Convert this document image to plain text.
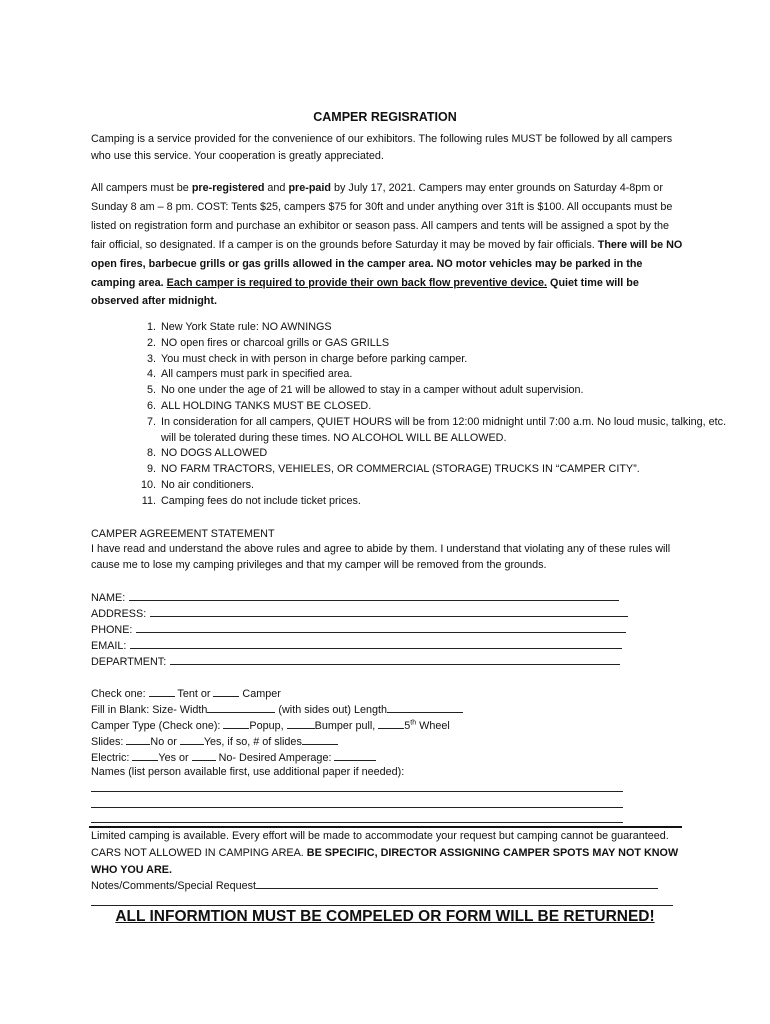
CAMPER REGISRATION
Camping is a service provided for the convenience of our exhibitors. The following rules MUST be followed by all campers who use this service. Your cooperation is greatly appreciated.
All campers must be pre-registered and pre-paid by July 17, 2021. Campers may enter grounds on Saturday 4-8pm or Sunday 8 am – 8 pm. COST: Tents $25, campers $75 for 30ft and under anything over 31ft is $100. All occupants must be listed on registration form and purchase an exhibitor or season pass. All campers and tents will be assigned a spot by the fair official, so designated. If a camper is on the grounds before Saturday it may be moved by fair officials. There will be NO open fires, barbecue grills or gas grills allowed in the camper area. NO motor vehicles may be parked in the camping area. Each camper is required to provide their own back flow preventive device. Quiet time will be observed after midnight.
1. New York State rule: NO AWNINGS
2. NO open fires or charcoal grills or GAS GRILLS
3. You must check in with person in charge before parking camper.
4. All campers must park in specified area.
5. No one under the age of 21 will be allowed to stay in a camper without adult supervision.
6. ALL HOLDING TANKS MUST BE CLOSED.
7. In consideration for all campers, QUIET HOURS will be from 12:00 midnight until 7:00 a.m. No loud music, talking, etc. will be tolerated during these times. NO ALCOHOL WILL BE ALLOWED.
8. NO DOGS ALLOWED
9. NO FARM TRACTORS, VEHIELES, OR COMMERCIAL (STORAGE) TRUCKS IN “CAMPER CITY”.
10. No air conditioners.
11. Camping fees do not include ticket prices.
CAMPER AGREEMENT STATEMENT
I have read and understand the above rules and agree to abide by them. I understand that violating any of these rules will cause me to lose my camping privileges and that my camper will be removed from the grounds.
NAME:
ADDRESS:
PHONE:
EMAIL:
DEPARTMENT:
Check one:  Tent or  Camper
Fill in Blank: Size- Width	(with sides out) Length
Camper Type (Check one): Popup,	Bumper pull, 5th Wheel
Slides: No or Yes, if so, # of slides
Electric: Yes or  No- Desired Amperage:
Names (list person available first, use additional paper if needed):
Limited camping is available. Every effort will be made to accommodate your request but camping cannot be guaranteed. CARS NOT ALLOWED IN CAMPING AREA. BE SPECIFIC, DIRECTOR ASSIGNING CAMPER SPOTS MAY NOT KNOW WHO YOU ARE.
Notes/Comments/Special Request
ALL INFORMTION MUST BE COMPELED OR FORM WILL BE RETURNED!
